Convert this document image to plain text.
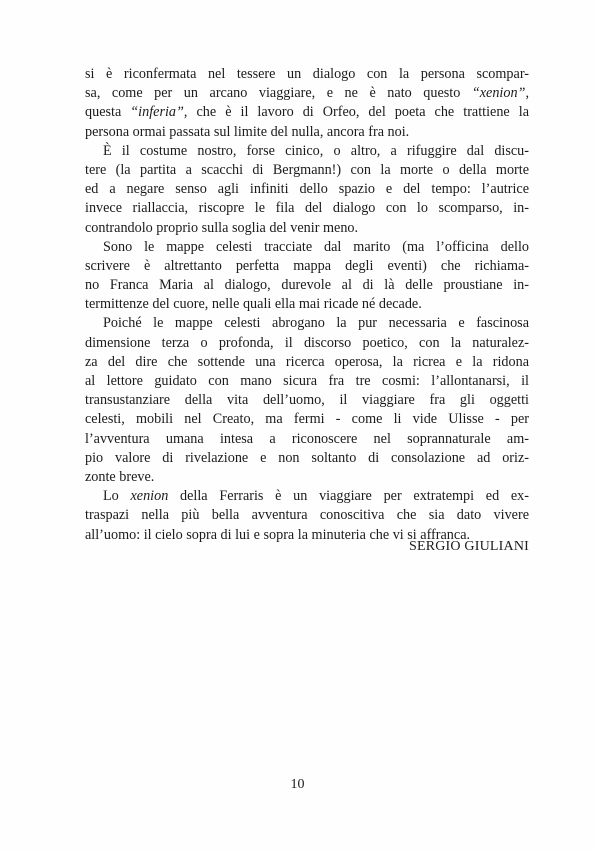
si è riconfermata nel tessere un dialogo con la persona scompar-
sa, come per un arcano viaggiare, e ne è nato questo “xenion”,
questa “inferia”, che è il lavoro di Orfeo, del poeta che trattiene la
persona ormai passata sul limite del nulla, ancora fra noi.
È il costume nostro, forse cinico, o altro, a rifuggire dal discu-
tere (la partita a scacchi di Bergmann!) con la morte o della morte
ed a negare senso agli infiniti dello spazio e del tempo: l’autrice
invece riallaccia, riscopre le fila del dialogo con lo scomparso, in-
contrandolo proprio sulla soglia del venir meno.
Sono le mappe celesti tracciate dal marito (ma l’officina dello
scrivere è altrettanto perfetta mappa degli eventi) che richiama-
no Franca Maria al dialogo, durevole al di là delle proustiane in-
termittenze del cuore, nelle quali ella mai ricade né decade.
Poiché le mappe celesti abrogano la pur necessaria e fascinosa
dimensione terza o profonda, il discorso poetico, con la naturalez-
za del dire che sottende una ricerca operosa, la ricrea e la ridona
al lettore guidato con mano sicura fra tre cosmi: l’allontanarsi, il
transustanziare della vita dell’uomo, il viaggiare fra gli oggetti
celesti, mobili nel Creato, ma fermi - come li vide Ulisse - per
l’avventura umana intesa a riconoscere nel soprannaturale am-
pio valore di rivelazione e non soltanto di consolazione ad oriz-
zonte breve.
Lo xenion della Ferraris è un viaggiare per extratempi ed ex-
traspazi nella più bella avventura conoscitiva che sia dato vivere
all’uomo: il cielo sopra di lui e sopra la minuteria che vi si affranca.
SERGIO GIULIANI
10
